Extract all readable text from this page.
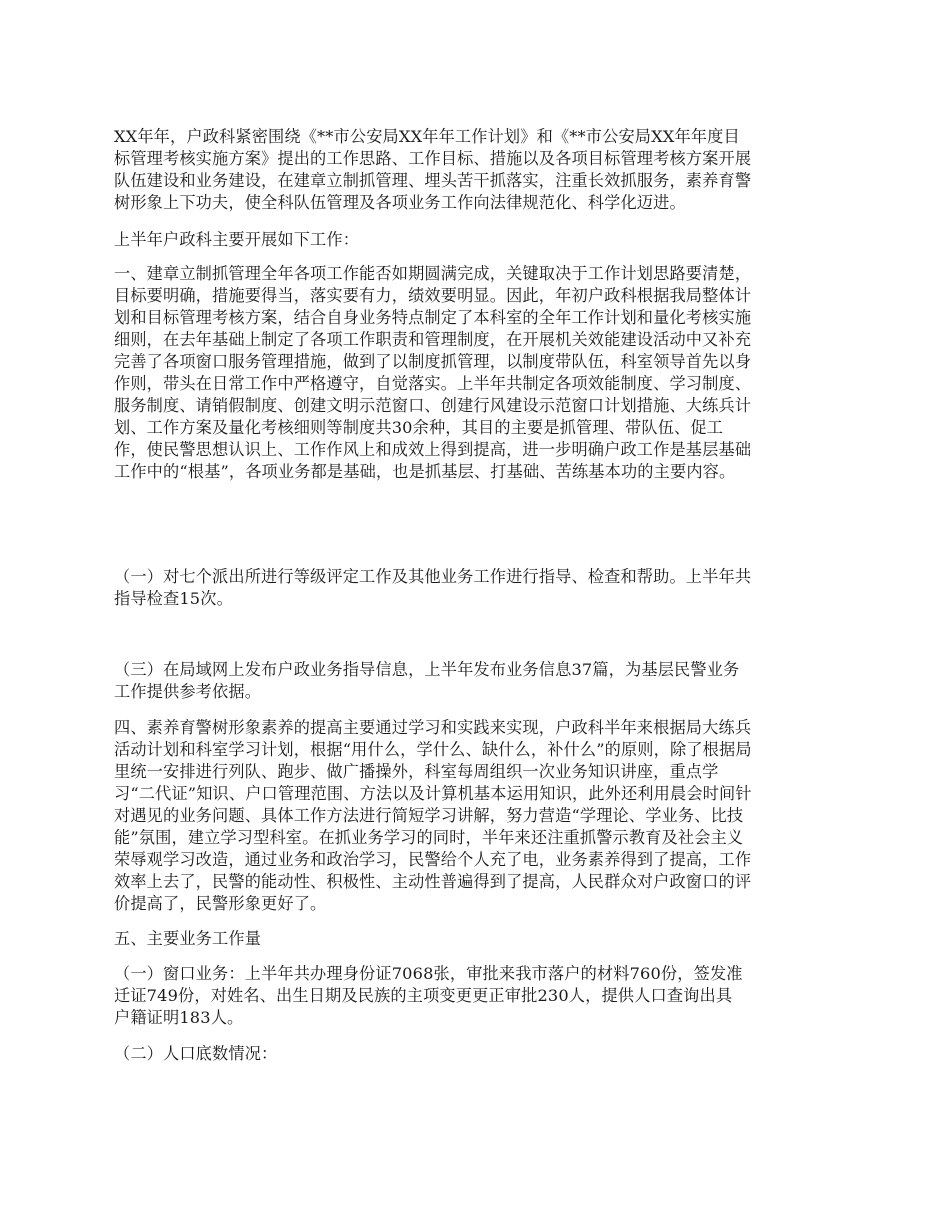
XX年年，户政科紧密围绕《**市公安局XX年年工作计划》和《**市公安局XX年年度目
标管理考核实施方案》提出的工作思路、工作目标、措施以及各项目标管理考核方案开展
队伍建设和业务建设，在建章立制抓管理、埋头苦干抓落实，注重长效抓服务，素养育警
树形象上下功夫，使全科队伍管理及各项业务工作向法律规范化、科学化迈进。
上半年户政科主要开展如下工作：
一、建章立制抓管理全年各项工作能否如期圆满完成，关键取决于工作计划思路要清楚，
目标要明确，措施要得当，落实要有力，绩效要明显。因此，年初户政科根据我局整体计
划和目标管理考核方案，结合自身业务特点制定了本科室的全年工作计划和量化考核实施
细则，在去年基础上制定了各项工作职责和管理制度，在开展机关效能建设活动中又补充
完善了各项窗口服务管理措施，做到了以制度抓管理，以制度带队伍，科室领导首先以身
作则，带头在日常工作中严格遵守，自觉落实。上半年共制定各项效能制度、学习制度、
服务制度、请销假制度、创建文明示范窗口、创建行风建设示范窗口计划措施、大练兵计
划、工作方案及量化考核细则等制度共30余种，其目的主要是抓管理、带队伍、促工
作，使民警思想认识上、工作作风上和成效上得到提高，进一步明确户政工作是基层基础
工作中的“根基”，各项业务都是基础，也是抓基层、打基础、苦练基本功的主要内容。
（一）对七个派出所进行等级评定工作及其他业务工作进行指导、检查和帮助。上半年共
指导检查15次。
（三）在局域网上发布户政业务指导信息，上半年发布业务信息37篇，为基层民警业务
工作提供参考依据。
四、素养育警树形象素养的提高主要通过学习和实践来实现，户政科半年来根据局大练兵
活动计划和科室学习计划，根据“用什么，学什么、缺什么，补什么”的原则，除了根据局
里统一安排进行列队、跑步、做广播操外，科室每周组织一次业务知识讲座，重点学
习“二代证”知识、户口管理范围、方法以及计算机基本运用知识，此外还利用晨会时间针
对遇见的业务问题、具体工作方法进行简短学习讲解，努力营造“学理论、学业务、比技
能”氛围，建立学习型科室。在抓业务学习的同时，半年来还注重抓警示教育及社会主义
荣辱观学习改造，通过业务和政治学习，民警给个人充了电，业务素养得到了提高，工作
效率上去了，民警的能动性、积极性、主动性普遍得到了提高，人民群众对户政窗口的评
价提高了，民警形象更好了。
五、主要业务工作量
（一）窗口业务：上半年共办理身份证7068张，审批来我市落户的材料760份，签发准
迁证749份，对姓名、出生日期及民族的主项变更更正审批230人，提供人口查询出具
户籍证明183人。
（二）人口底数情况：
